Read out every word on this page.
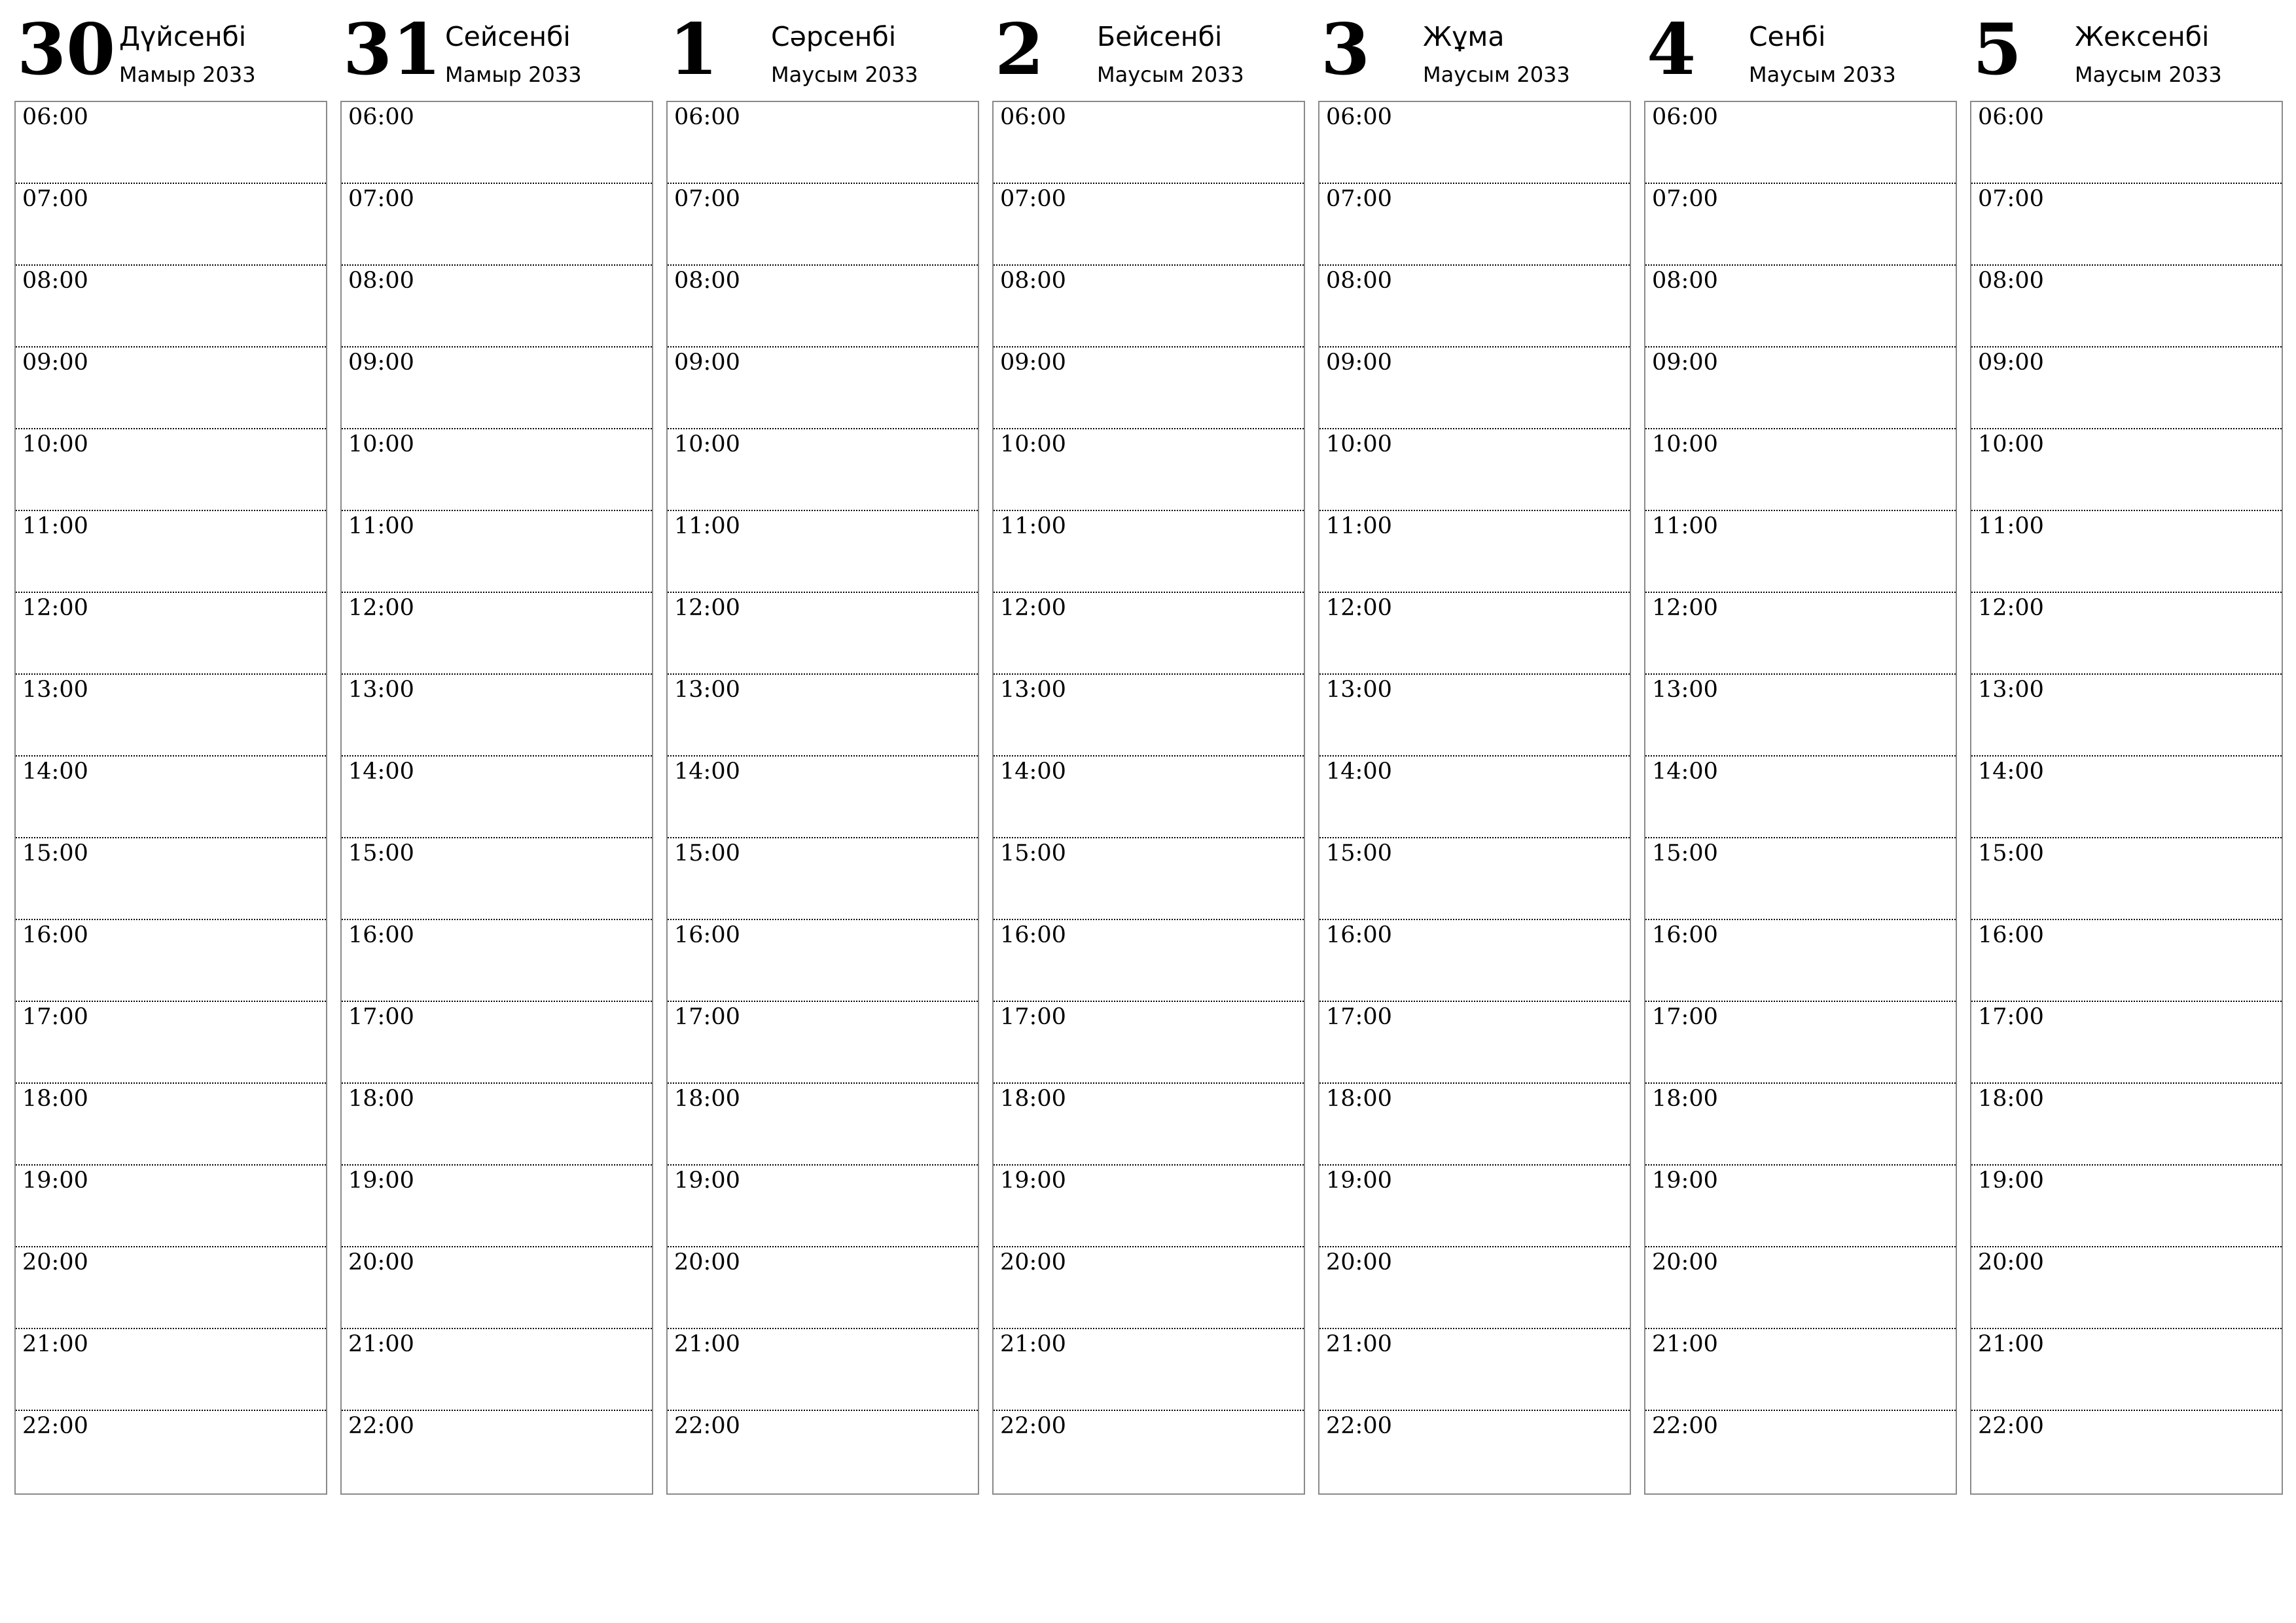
30 Дүйсенбі
Мамыр 2033
06:00
07:00
08:00
09:00
10:00
11:00
12:00
13:00
14:00
15:00
16:00
17:00
18:00
19:00
20:00
21:00
22:00
31 Сейсенбі
Мамыр 2033
06:00
07:00
08:00
09:00
10:00
11:00
12:00
13:00
14:00
15:00
16:00
17:00
18:00
19:00
20:00
21:00
22:00
1 Сәрсенбі
Маусым 2033
06:00
07:00
08:00
09:00
10:00
11:00
12:00
13:00
14:00
15:00
16:00
17:00
18:00
19:00
20:00
21:00
22:00
2 Бейсенбі
Маусым 2033
06:00
07:00
08:00
09:00
10:00
11:00
12:00
13:00
14:00
15:00
16:00
17:00
18:00
19:00
20:00
21:00
22:00
3 Жұма
Маусым 2033
06:00
07:00
08:00
09:00
10:00
11:00
12:00
13:00
14:00
15:00
16:00
17:00
18:00
19:00
20:00
21:00
22:00
4 Сенбі
Маусым 2033
06:00
07:00
08:00
09:00
10:00
11:00
12:00
13:00
14:00
15:00
16:00
17:00
18:00
19:00
20:00
21:00
22:00
5 Жексенбі
Маусым 2033
06:00
07:00
08:00
09:00
10:00
11:00
12:00
13:00
14:00
15:00
16:00
17:00
18:00
19:00
20:00
21:00
22:00
